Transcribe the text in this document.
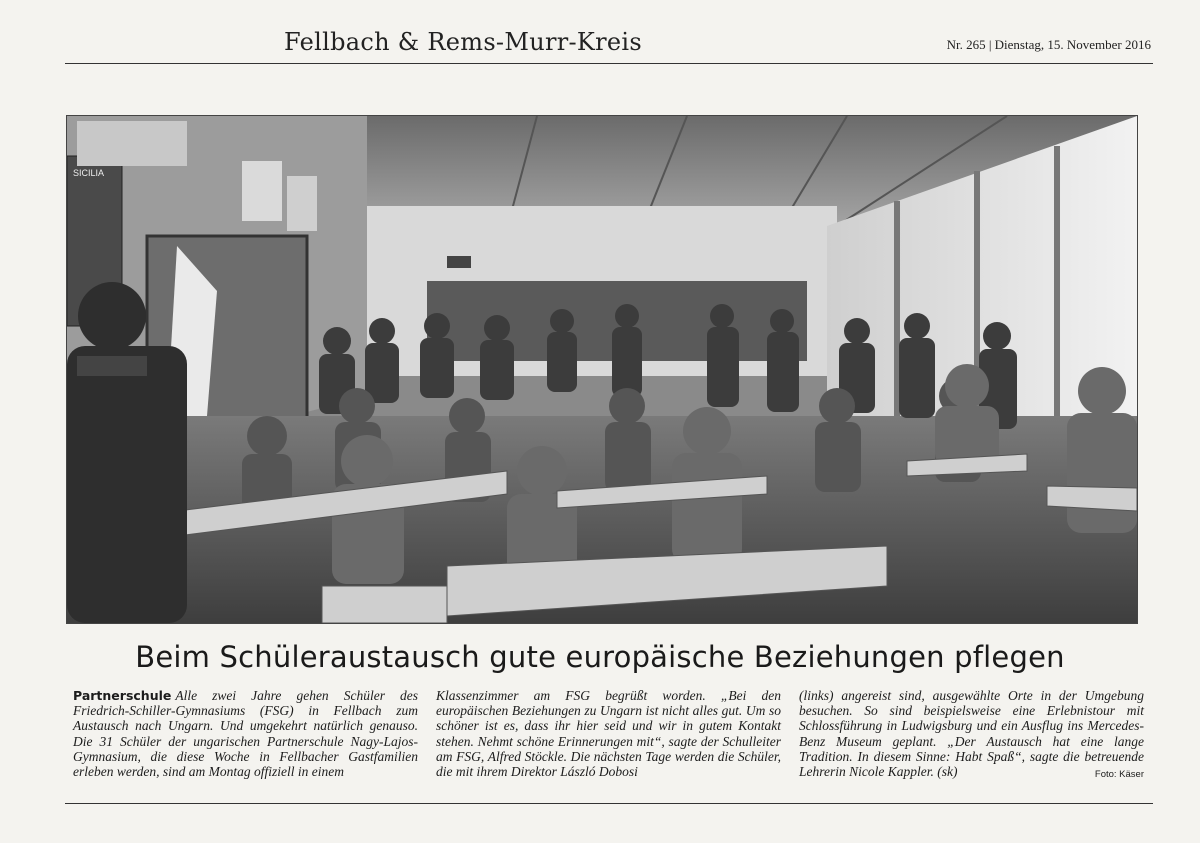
Fellbach & Rems-Murr-Kreis	Nr. 265 | Dienstag, 15. November 2016
SICILIA
Beim Schüleraustausch gute europäische Beziehungen pflegen
Partnerschule Alle zwei Jahre gehen Schüler des Friedrich-Schiller-Gymnasiums (FSG) in Fellbach zum Austausch nach Ungarn. Und umgekehrt natürlich genauso. Die 31 Schüler der ungarischen Partnerschule Nagy-Lajos-Gymnasium, die diese Woche in Fellbacher Gastfamilien erleben werden, sind am Montag offiziell in einem
Klassenzimmer am FSG begrüßt worden. „Bei den europäischen Beziehungen zu Ungarn ist nicht alles gut. Um so schöner ist es, dass ihr hier seid und wir in gutem Kontakt stehen. Nehmt schöne Erinnerungen mit“, sagte der Schulleiter am FSG, Alfred Stöckle. Die nächsten Tage werden die Schüler, die mit ihrem Direktor László Dobosi
(links) angereist sind, ausgewählte Orte in der Umgebung besuchen. So sind beispielsweise eine Erlebnistour mit Schlossführung in Ludwigsburg und ein Ausflug ins Mercedes-Benz Museum geplant. „Der Austausch hat eine lange Tradition. In diesem Sinne: Habt Spaß“, sagte die betreuende Lehrerin Nicole Kappler. (sk)	Foto: Käser
